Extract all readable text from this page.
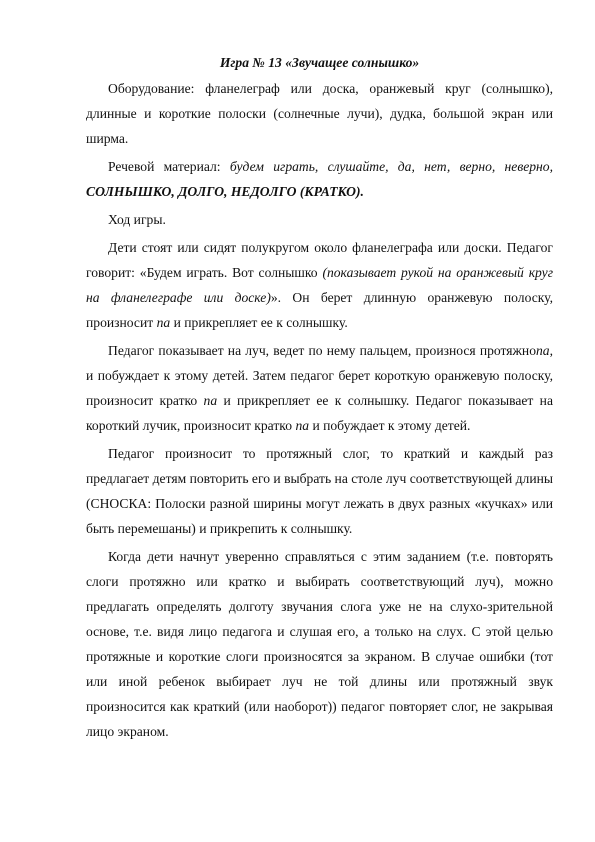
Игра № 13 «Звучащее солнышко»

Оборудование: фланелеграф или доска, оранжевый круг (солнышко), длинные и короткие полоски (солнечные лучи), дудка, большой экран или ширма.

Речевой материал: будем играть, слушайте, да, нет, верно, неверно, СОЛНЫШКО, ДОЛГО, НЕДОЛГО (КРАТКО).

Ход игры.

Дети стоят или сидят полукругом около фланелеграфа или доски. Педагог говорит: «Будем играть. Вот солнышко (показывает рукой на оранжевый круг на фланелеграфе или доске)». Он берет длинную оранжевую полоску, произносит па и прикрепляет ее к солнышку.

Педагог показывает на луч, ведет по нему пальцем, произнося протяжнопа, и побуждает к этому детей. Затем педагог берет короткую оранжевую полоску, произносит кратко па и прикрепляет ее к солнышку. Педагог показывает на короткий лучик, произносит кратко па и побуждает к этому детей.

Педагог произносит то протяжный слог, то краткий и каждый раз предлагает детям повторить его и выбрать на столе луч соответствующей длины (СНОСКА: Полоски разной ширины могут лежать в двух разных «кучках» или быть перемешаны) и прикрепить к солнышку.

Когда дети начнут уверенно справляться с этим заданием (т.е. повторять слоги протяжно или кратко и выбирать соответствующий луч), можно предлагать определять долготу звучания слога уже не на слухо-зрительной основе, т.е. видя лицо педагога и слушая его, а только на слух. С этой целью протяжные и короткие слоги произносятся за экраном. В случае ошибки (тот или иной ребенок выбирает луч не той длины или протяжный звук произносится как краткий (или наоборот)) педагог повторяет слог, не закрывая лицо экраном.
